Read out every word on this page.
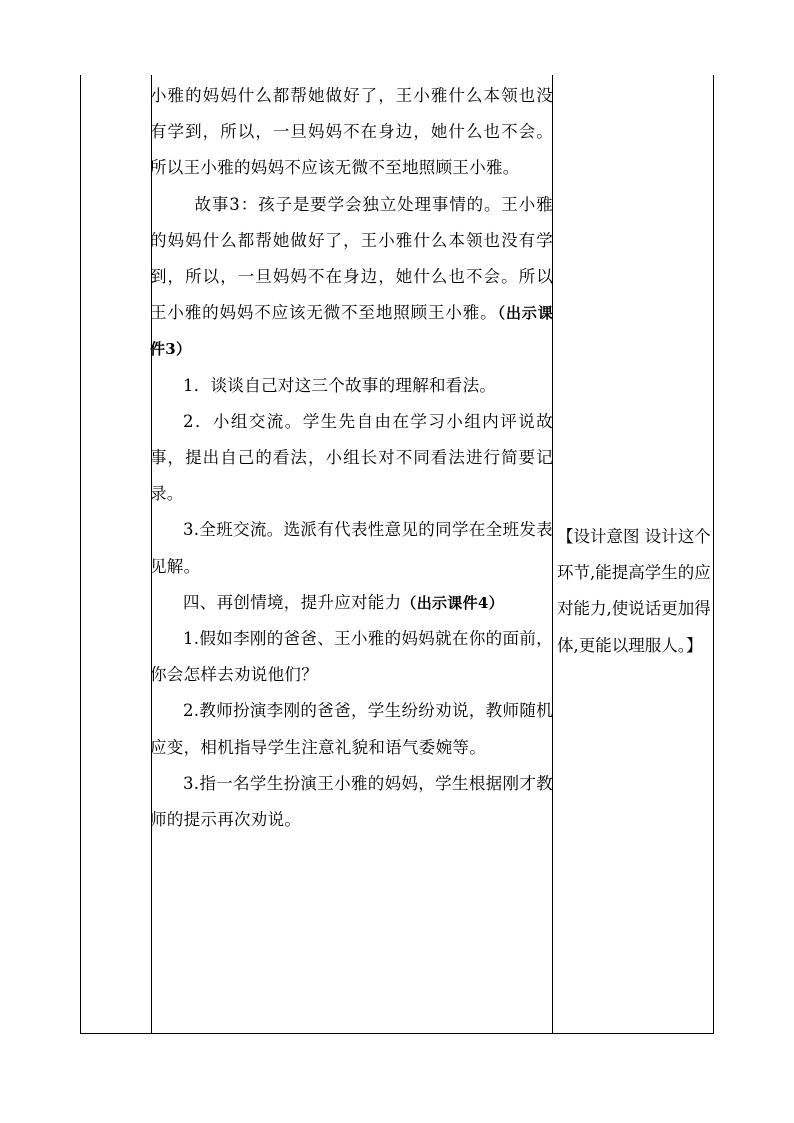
小雅的妈妈什么都帮她做好了，王小雅什么本领也没有学到，所以，一旦妈妈不在身边，她什么也不会。所以王小雅的妈妈不应该无微不至地照顾王小雅。

故事3：孩子是要学会独立处理事情的。王小雅的妈妈什么都帮她做好了，王小雅什么本领也没有学到，所以，一旦妈妈不在身边，她什么也不会。所以王小雅的妈妈不应该无微不至地照顾王小雅。（出示课件3）

1．谈谈自己对这三个故事的理解和看法。

2．小组交流。学生先自由在学习小组内评说故事，提出自己的看法，小组长对不同看法进行简要记录。

3.全班交流。选派有代表性意见的同学在全班发表见解。

四、再创情境，提升应对能力（出示课件4）

1.假如李刚的爸爸、王小雅的妈妈就在你的面前，你会怎样去劝说他们？

2.教师扮演李刚的爸爸，学生纷纷劝说，教师随机应变，相机指导学生注意礼貌和语气委婉等。

3.指一名学生扮演王小雅的妈妈，学生根据刚才教师的提示再次劝说。

【设计意图 设计这个环节,能提高学生的应对能力,使说话更加得体,更能以理服人。】
